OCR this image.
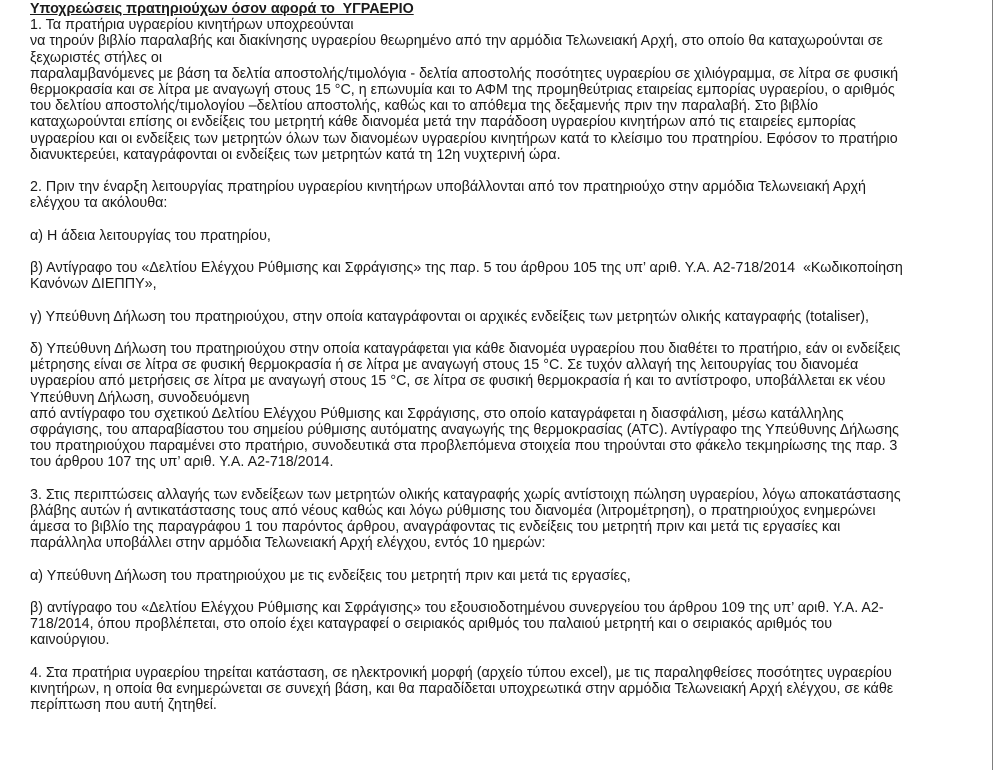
Υποχρεώσεις πρατηριούχων όσον αφορά το  ΥΓΡΑΕΡΙΟ
1. Τα πρατήρια υγραερίου κινητήρων υποχρεούνται
να τηρούν βιβλίο παραλαβής και διακίνησης υγραερίου θεωρημένο από την αρμόδια Τελωνειακή Αρχή, στο οποίο θα καταχωρούνται σε
ξεχωριστές στήλες οι
παραλαμβανόμενες με βάση τα δελτία αποστολής/τιμολόγια - δελτία αποστολής ποσότητες υγραερίου σε χιλιόγραμμα, σε λίτρα σε φυσική
θερμοκρασία και σε λίτρα με αναγωγή στους 15 °C, η επωνυμία και το ΑΦΜ της προμηθεύτριας εταιρείας εμπορίας υγραερίου, ο αριθμός
του δελτίου αποστολής/τιμολογίου –δελτίου αποστολής, καθώς και το απόθεμα της δεξαμενής πριν την παραλαβή. Στο βιβλίο
καταχωρούνται επίσης οι ενδείξεις του μετρητή κάθε διανομέα μετά την παράδοση υγραερίου κινητήρων από τις εταιρείες εμπορίας
υγραερίου και οι ενδείξεις των μετρητών όλων των διανομέων υγραερίου κινητήρων κατά το κλείσιμο του πρατηρίου. Εφόσον το πρατήριο
διανυκτερεύει, καταγράφονται οι ενδείξεις των μετρητών κατά τη 12η νυχτερινή ώρα.
2. Πριν την έναρξη λειτουργίας πρατηρίου υγραερίου κινητήρων υποβάλλονται από τον πρατηριούχο στην αρμόδια Τελωνειακή Αρχή
ελέγχου τα ακόλουθα:
α) Η άδεια λειτουργίας του πρατηρίου,
β) Αντίγραφο του «Δελτίου Ελέγχου Ρύθμισης και Σφράγισης» της παρ. 5 του άρθρου 105 της υπ’ αριθ. Υ.Α. Α2-718/2014  «Κωδικοποίηση
Κανόνων ΔΙΕΠΠΥ»,
γ) Υπεύθυνη Δήλωση του πρατηριούχου, στην οποία καταγράφονται οι αρχικές ενδείξεις των μετρητών ολικής καταγραφής (totaliser),
δ) Υπεύθυνη Δήλωση του πρατηριούχου στην οποία καταγράφεται για κάθε διανομέα υγραερίου που διαθέτει το πρατήριο, εάν οι ενδείξεις
μέτρησης είναι σε λίτρα σε φυσική θερμοκρασία ή σε λίτρα με αναγωγή στους 15 °C. Σε τυχόν αλλαγή της λειτουργίας του διανομέα
υγραερίου από μετρήσεις σε λίτρα με αναγωγή στους 15 °C, σε λίτρα σε φυσική θερμοκρασία ή και το αντίστροφο, υποβάλλεται εκ νέου
Υπεύθυνη Δήλωση, συνοδευόμενη
από αντίγραφο του σχετικού Δελτίου Ελέγχου Ρύθμισης και Σφράγισης, στο οποίο καταγράφεται η διασφάλιση, μέσω κατάλληλης
σφράγισης, του απαραβίαστου του σημείου ρύθμισης αυτόματης αναγωγής της θερμοκρασίας (ATC). Αντίγραφο της Υπεύθυνης Δήλωσης
του πρατηριούχου παραμένει στο πρατήριο, συνοδευτικά στα προβλεπόμενα στοιχεία που τηρούνται στο φάκελο τεκμηρίωσης της παρ. 3
του άρθρου 107 της υπ’ αριθ. Υ.Α. Α2-718/2014.
3. Στις περιπτώσεις αλλαγής των ενδείξεων των μετρητών ολικής καταγραφής χωρίς αντίστοιχη πώληση υγραερίου, λόγω αποκατάστασης
βλάβης αυτών ή αντικατάστασης τους από νέους καθώς και λόγω ρύθμισης του διανομέα (λιτρομέτρηση), ο πρατηριούχος ενημερώνει
άμεσα το βιβλίο της παραγράφου 1 του παρόντος άρθρου, αναγράφοντας τις ενδείξεις του μετρητή πριν και μετά τις εργασίες και
παράλληλα υποβάλλει στην αρμόδια Τελωνειακή Αρχή ελέγχου, εντός 10 ημερών:
α) Υπεύθυνη Δήλωση του πρατηριούχου με τις ενδείξεις του μετρητή πριν και μετά τις εργασίες,
β) αντίγραφο του «Δελτίου Ελέγχου Ρύθμισης και Σφράγισης» του εξουσιοδοτημένου συνεργείου του άρθρου 109 της υπ’ αριθ. Υ.Α. Α2-
718/2014, όπου προβλέπεται, στο οποίο έχει καταγραφεί ο σειριακός αριθμός του παλαιού μετρητή και ο σειριακός αριθμός του
καινούργιου.
4. Στα πρατήρια υγραερίου τηρείται κατάσταση, σε ηλεκτρονική μορφή (αρχείο τύπου excel), με τις παραληφθείσες ποσότητες υγραερίου
κινητήρων, η οποία θα ενημερώνεται σε συνεχή βάση, και θα παραδίδεται υποχρεωτικά στην αρμόδια Τελωνειακή Αρχή ελέγχου, σε κάθε
περίπτωση που αυτή ζητηθεί.
